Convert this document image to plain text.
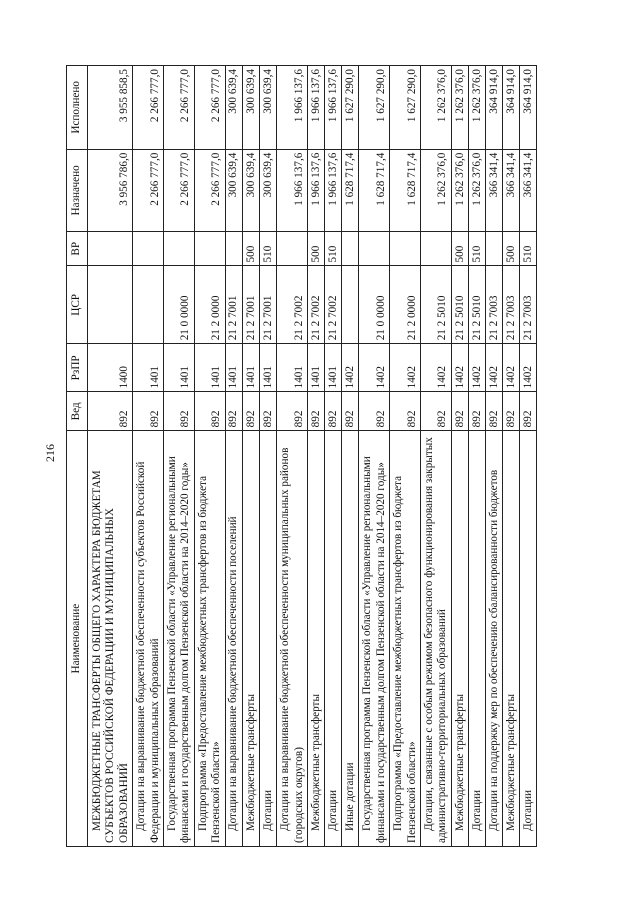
216
Наименование	Вед	РзПР	ЦСР	ВР	Назначено	Исполнено
МЕЖБЮДЖЕТНЫЕ ТРАНСФЕРТЫ ОБЩЕГО ХАРАКТЕРА БЮДЖЕТАМ СУБЪЕКТОВ РОССИЙСКОЙ ФЕДЕРАЦИИ И МУНИЦИПАЛЬНЫХ ОБРАЗОВАНИЙ	892	1400			3 956 786,0	3 955 858,5
Дотации на выравнивание бюджетной обеспеченности субъектов Российской Федерации и муниципальных образований	892	1401			2 266 777,0	2 266 777,0
Государственная программа Пензенской области «Управление региональными финансами и государственным долгом Пензенской области на 2014–2020 годы»	892	1401	21 0 0000		2 266 777,0	2 266 777,0
Подпрограмма «Предоставление межбюджетных трансфертов из бюджета Пензенской области»	892	1401	21 2 0000		2 266 777,0	2 266 777,0
Дотации на выравнивание бюджетной обеспеченности поселений	892	1401	21 2 7001		300 639,4	300 639,4
Межбюджетные трансферты	892	1401	21 2 7001	500	300 639,4	300 639,4
Дотации	892	1401	21 2 7001	510	300 639,4	300 639,4
Дотации на выравнивание бюджетной обеспеченности муниципальных районов (городских округов)	892	1401	21 2 7002		1 966 137,6	1 966 137,6
Межбюджетные трансферты	892	1401	21 2 7002	500	1 966 137,6	1 966 137,6
Дотации	892	1401	21 2 7002	510	1 966 137,6	1 966 137,6
Иные дотации	892	1402			1 628 717,4	1 627 290,0
Государственная программа Пензенской области «Управление региональными финансами и государственным долгом Пензенской области на 2014–2020 годы»	892	1402	21 0 0000		1 628 717,4	1 627 290,0
Подпрограмма «Предоставление межбюджетных трансфертов из бюджета Пензенской области»	892	1402	21 2 0000		1 628 717,4	1 627 290,0
Дотации, связанные с особым режимом безопасного функционирования закрытых административно-территориальных образований	892	1402	21 2 5010		1 262 376,0	1 262 376,0
Межбюджетные трансферты	892	1402	21 2 5010	500	1 262 376,0	1 262 376,0
Дотации	892	1402	21 2 5010	510	1 262 376,0	1 262 376,0
Дотации на поддержку мер по обеспечению сбалансированности бюджетов	892	1402	21 2 7003		366 341,4	364 914,0
Межбюджетные трансферты	892	1402	21 2 7003	500	366 341,4	364 914,0
Дотации	892	1402	21 2 7003	510	366 341,4	364 914,0
